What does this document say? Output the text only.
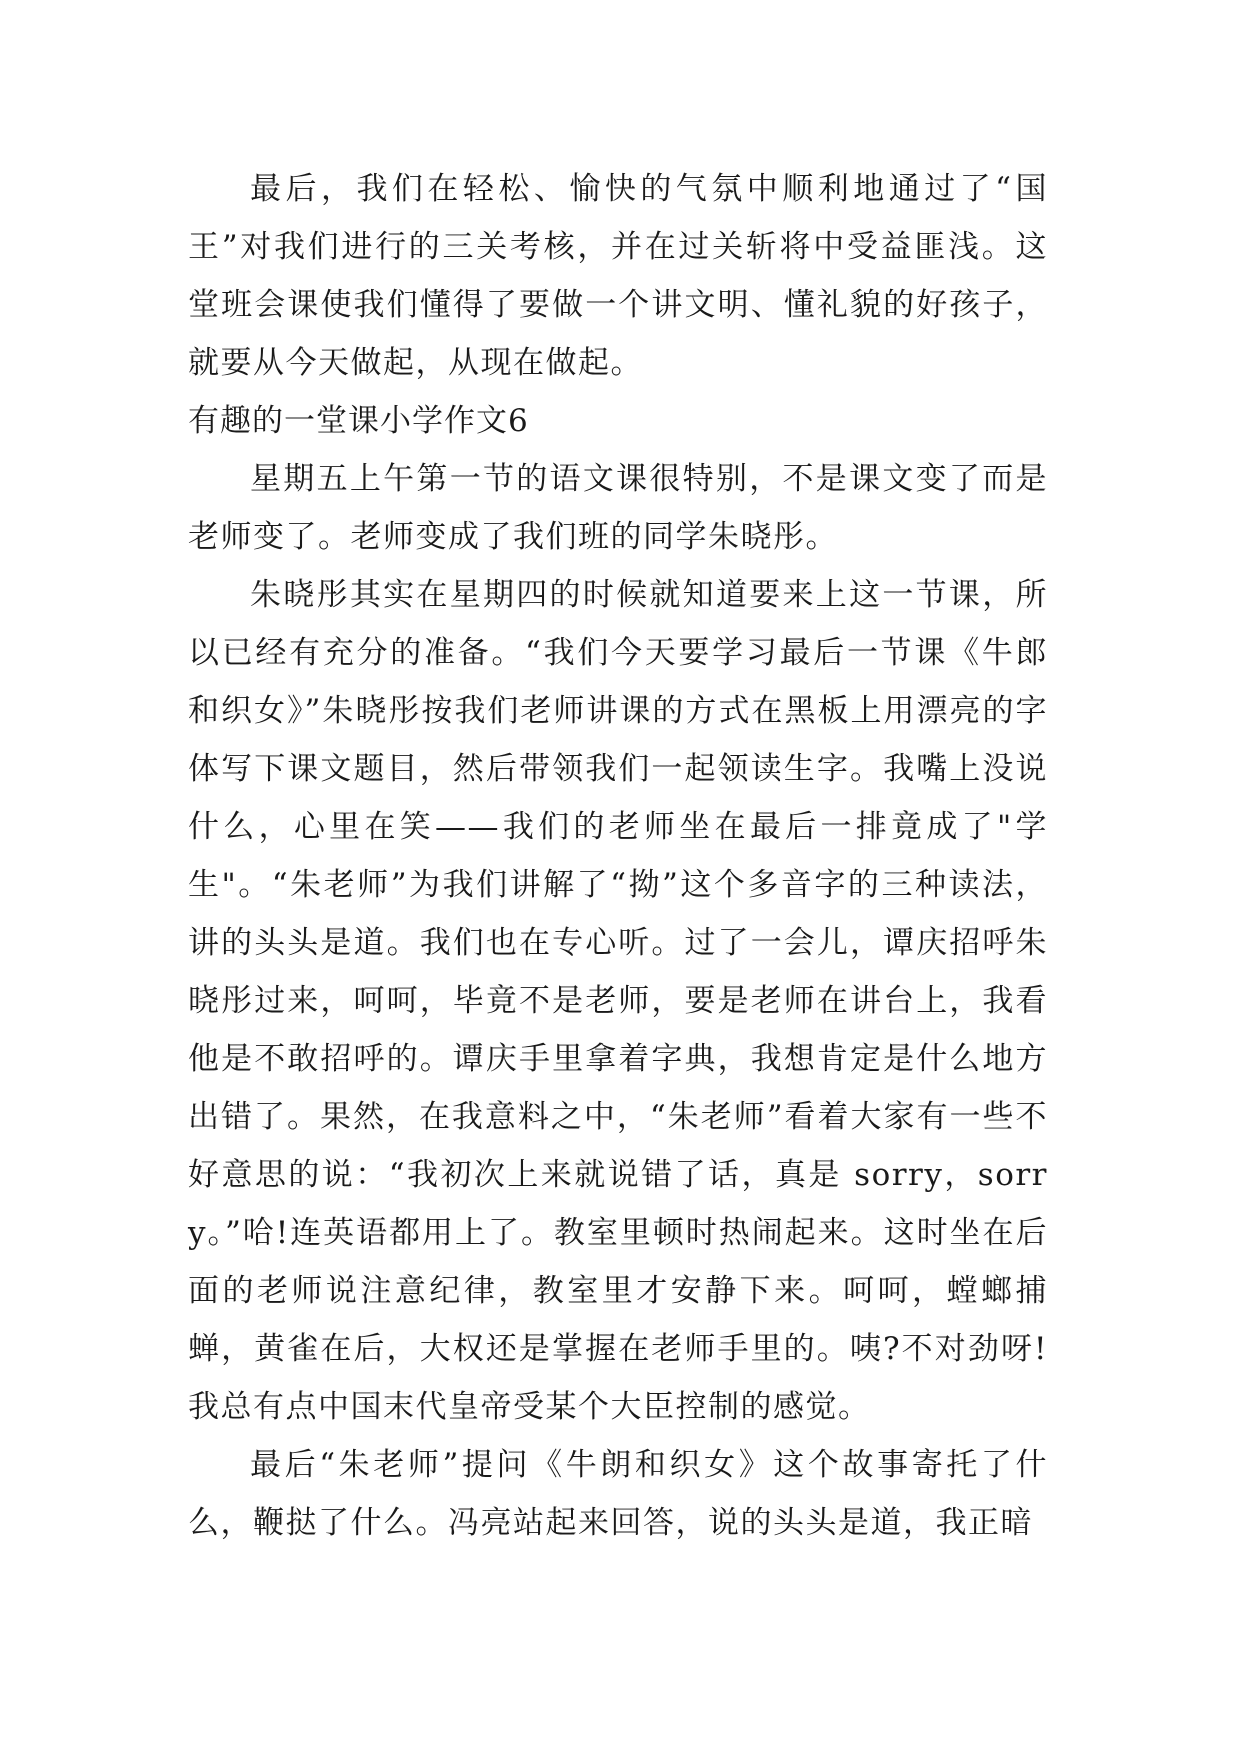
最后，我们在轻松、愉快的气氛中顺利地通过了“国王”对我们进行的三关考核，并在过关斩将中受益匪浅。这堂班会课使我们懂得了要做一个讲文明、懂礼貌的好孩子，就要从今天做起，从现在做起。

有趣的一堂课小学作文6

星期五上午第一节的语文课很特别，不是课文变了而是老师变了。老师变成了我们班的同学朱晓彤。

朱晓彤其实在星期四的时候就知道要来上这一节课，所以已经有充分的准备。“我们今天要学习最后一节课《牛郎和织女》”朱晓彤按我们老师讲课的方式在黑板上用漂亮的字体写下课文题目，然后带领我们一起领读生字。我嘴上没说什么，心里在笑——我们的老师坐在最后一排竟成了"学生"。“朱老师”为我们讲解了“拗”这个多音字的三种读法，讲的头头是道。我们也在专心听。过了一会儿，谭庆招呼朱晓彤过来，呵呵，毕竟不是老师，要是老师在讲台上，我看他是不敢招呼的。谭庆手里拿着字典，我想肯定是什么地方出错了。果然，在我意料之中，“朱老师”看着大家有一些不好意思的说：“我初次上来就说错了话，真是 sorry，sorry。”哈!连英语都用上了。教室里顿时热闹起来。这时坐在后面的老师说注意纪律，教室里才安静下来。呵呵，螳螂捕蝉，黄雀在后，大权还是掌握在老师手里的。咦?不对劲呀!我总有点中国末代皇帝受某个大臣控制的感觉。

最后“朱老师”提问《牛朗和织女》这个故事寄托了什么，鞭挞了什么。冯亮站起来回答，说的头头是道，我正暗
